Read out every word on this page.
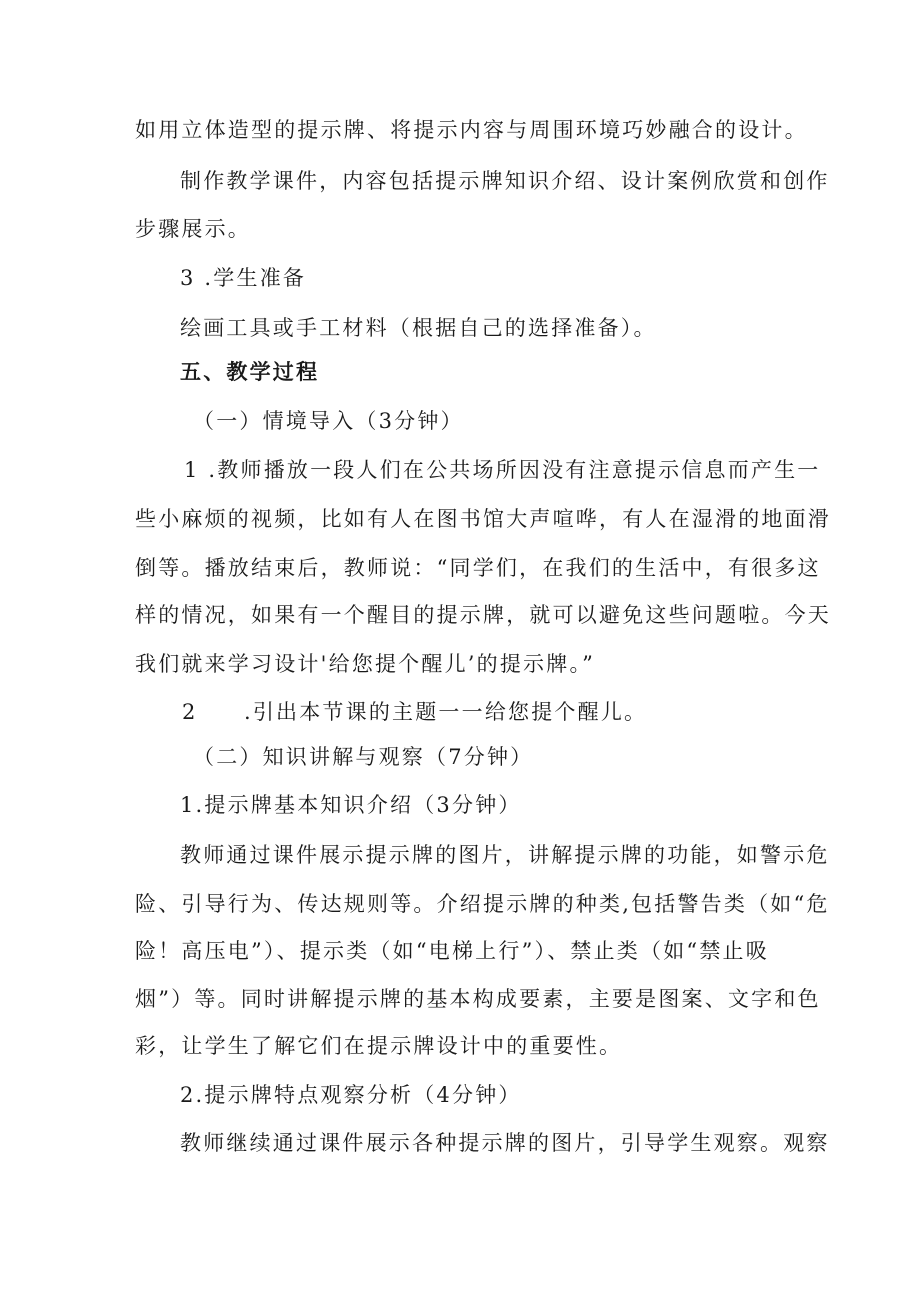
如用立体造型的提示牌、将提示内容与周围环境巧妙融合的设计。
制作教学课件，内容包括提示牌知识介绍、设计案例欣赏和创作
步骤展示。
3 .学生准备
绘画工具或手工材料（根据自己的选择准备）。
五、教学过程
（一）情境导入（3分钟）
1 .教师播放一段人们在公共场所因没有注意提示信息而产生一
些小麻烦的视频，比如有人在图书馆大声喧哗，有人在湿滑的地面滑
倒等。播放结束后，教师说：“同学们，在我们的生活中，有很多这
样的情况，如果有一个醒目的提示牌，就可以避免这些问题啦。今天
我们就来学习设计'给您提个醒儿’的提示牌。”
2　　.引出本节课的主题一一给您提个醒儿。
（二）知识讲解与观察（7分钟）
1.提示牌基本知识介绍（3分钟）
教师通过课件展示提示牌的图片，讲解提示牌的功能，如警示危
险、引导行为、传达规则等。介绍提示牌的种类,包括警告类（如“危
险！高压电”）、提示类（如“电梯上行”）、禁止类（如“禁止吸
烟”）等。同时讲解提示牌的基本构成要素，主要是图案、文字和色
彩，让学生了解它们在提示牌设计中的重要性。
2.提示牌特点观察分析（4分钟）
教师继续通过课件展示各种提示牌的图片，引导学生观察。观察
